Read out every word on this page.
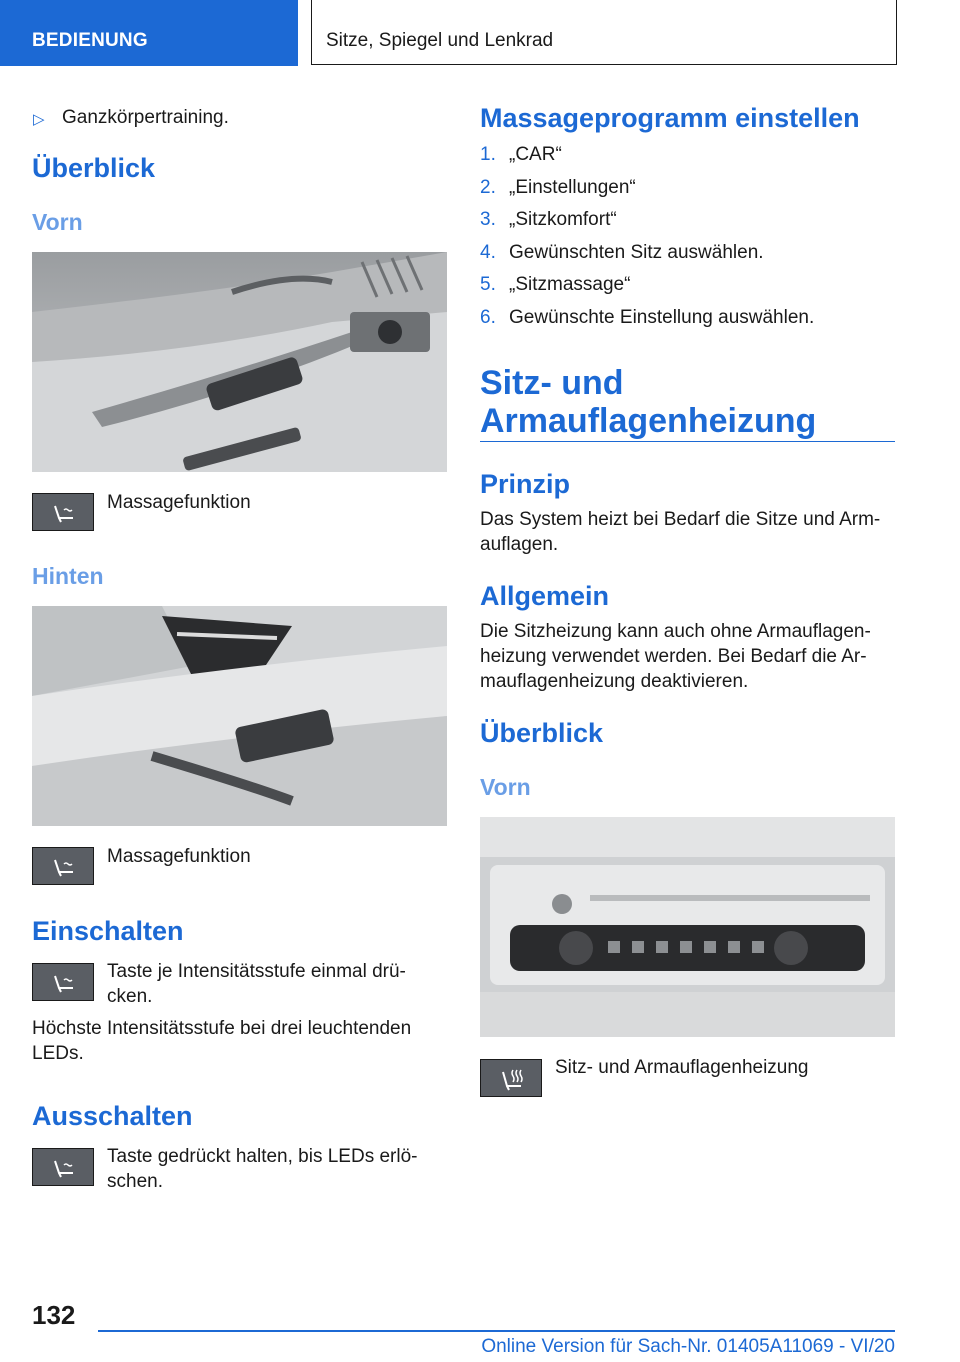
BEDIENUNG	Sitze, Spiegel und Lenkrad
▷ Ganzkörpertraining.
Überblick
Vorn
Massagefunktion
Hinten
Massagefunktion
Einschalten
Taste je Intensitätsstufe einmal drü-
cken.
Höchste Intensitätsstufe bei drei leuchtenden
LEDs.
Ausschalten
Taste gedrückt halten, bis LEDs erlö-
schen.
Massageprogramm einstellen
1. „CAR“
2. „Einstellungen“
3. „Sitzkomfort“
4. Gewünschten Sitz auswählen.
5. „Sitzmassage“
6. Gewünschte Einstellung auswählen.
Sitz- und
Armauflagenheizung
Prinzip
Das System heizt bei Bedarf die Sitze und Arm-
auflagen.
Allgemein
Die Sitzheizung kann auch ohne Armauflagen-
heizung verwendet werden. Bei Bedarf die Ar-
mauflagenheizung deaktivieren.
Überblick
Vorn
Sitz- und Armauflagenheizung
132
Online Version für Sach-Nr. 01405A11069 - VI/20
